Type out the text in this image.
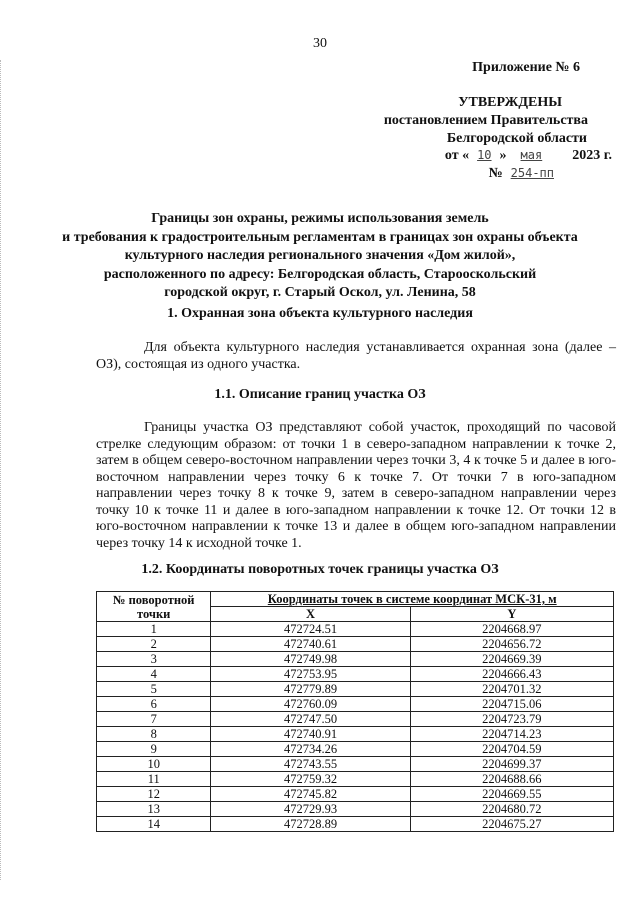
30
Приложение № 6
УТВЕРЖДЕНЫ
постановлением Правительства
Белгородской области
от « 10 » мая 2023 г.
№ 254-пп
Границы зон охраны, режимы использования земель
и требования к градостроительным регламентам в границах зон охраны объекта
культурного наследия регионального значения «Дом жилой»,
расположенного по адресу: Белгородская область, Старооскольский
городской округ, г. Старый Оскол, ул. Ленина, 58
1. Охранная зона объекта культурного наследия
Для объекта культурного наследия устанавливается охранная зона (далее – ОЗ), состоящая из одного участка.
1.1. Описание границ участка ОЗ
Границы участка ОЗ представляют собой участок, проходящий по часовой стрелке следующим образом: от точки 1 в северо-западном направлении к точке 2, затем в общем северо-восточном направлении через точки 3, 4 к точке 5 и далее в юго-восточном направлении через точку 6 к точке 7. От точки 7 в юго-западном направлении через точку 8 к точке 9, затем в северо-западном направлении через точку 10 к точке 11 и далее в юго-западном направлении к точке 12. От точки 12 в юго-восточном направлении к точке 13 и далее в общем юго-западном направлении через точку 14 к исходной точке 1.
1.2. Координаты поворотных точек границы участка ОЗ
№ поворотной точки	Координаты точек в системе координат МСК-31, м	
	X	Y
1	472724.51	2204668.97
2	472740.61	2204656.72
3	472749.98	2204669.39
4	472753.95	2204666.43
5	472779.89	2204701.32
6	472760.09	2204715.06
7	472747.50	2204723.79
8	472740.91	2204714.23
9	472734.26	2204704.59
10	472743.55	2204699.37
11	472759.32	2204688.66
12	472745.82	2204669.55
13	472729.93	2204680.72
14	472728.89	2204675.27
